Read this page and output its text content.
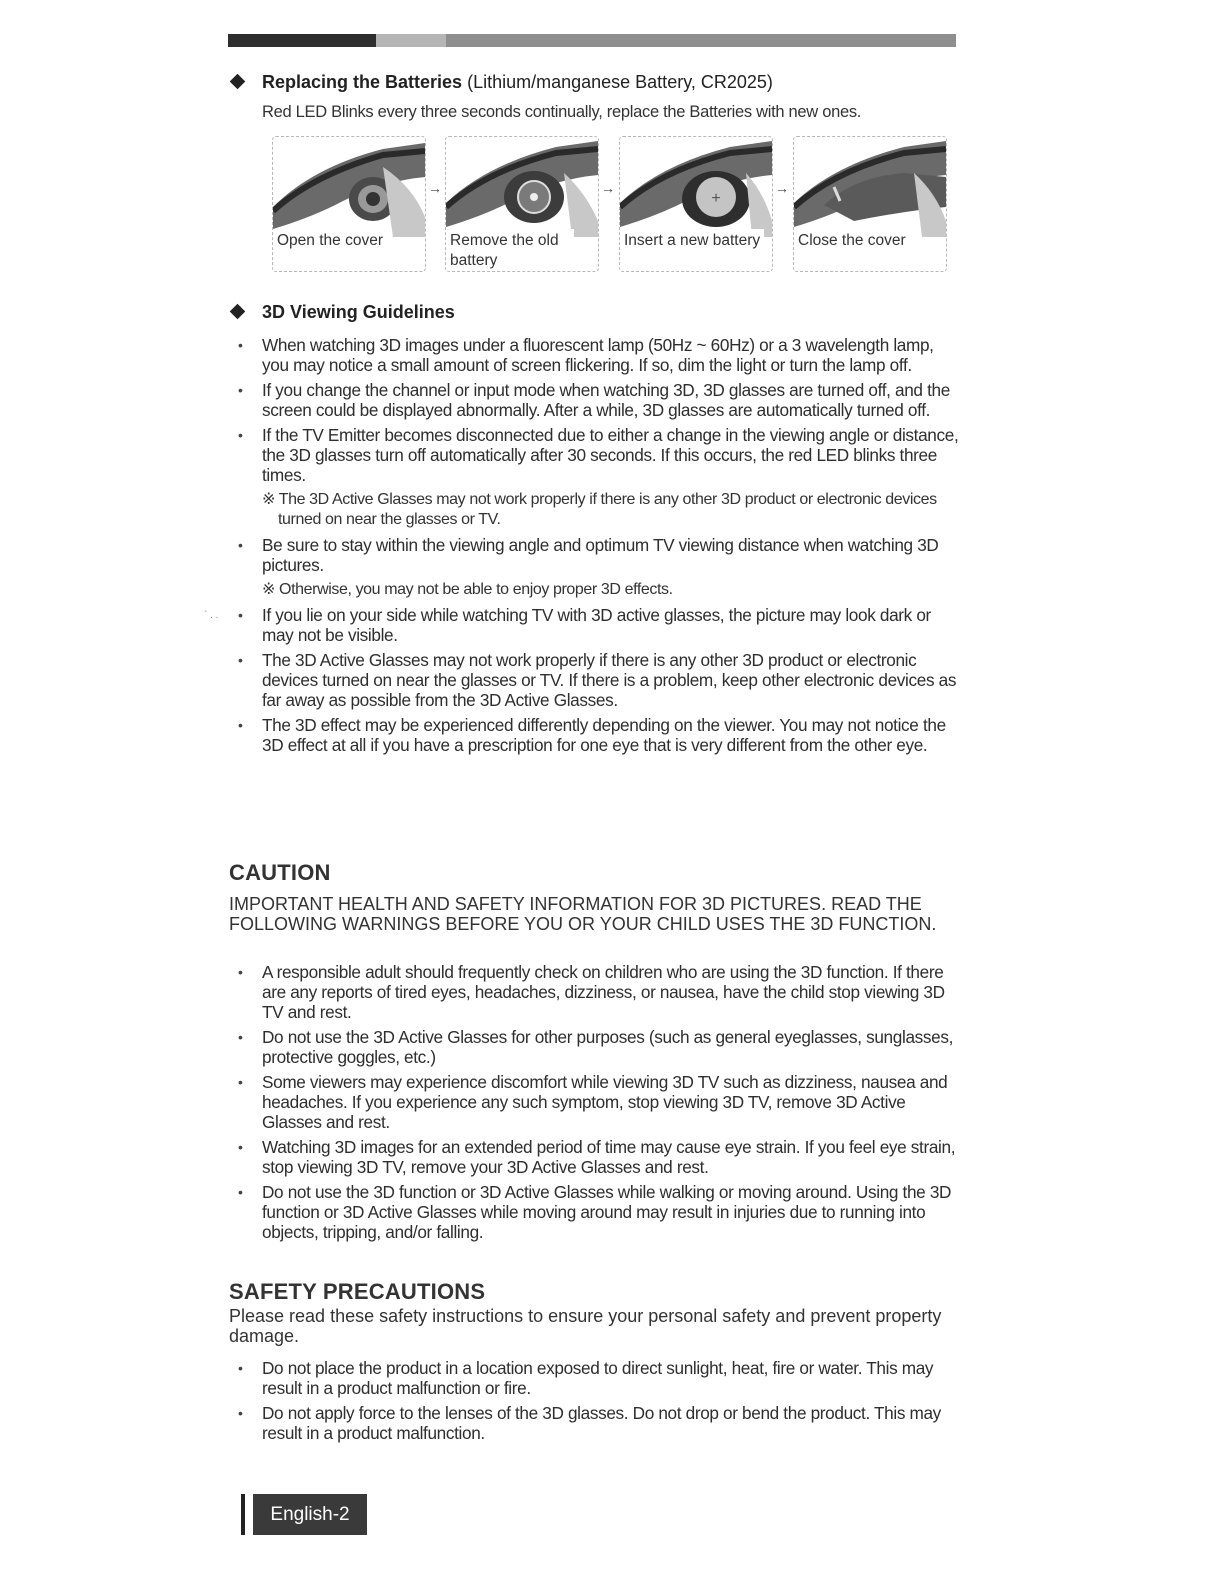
Replacing the Batteries (Lithium/manganese Battery, CR2025)
Red LED Blinks every three seconds continually, replace the Batteries with new ones.
Open the cover	Remove the old battery
+
Insert a new battery Close the cover
→	→	→
3D Viewing Guidelines
• When watching 3D images under a fluorescent lamp (50Hz ~ 60Hz) or a 3 wavelength lamp, you may notice a small amount of screen flickering. If so, dim the light or turn the lamp off.
• If you change the channel or input mode when watching 3D, 3D glasses are turned off, and the screen could be displayed abnormally. After a while, 3D glasses are automatically turned off.
• If the TV Emitter becomes disconnected due to either a change in the viewing angle or distance, the 3D glasses turn off automatically after 30 seconds. If this occurs, the red LED blinks three times.
※ The 3D Active Glasses may not work properly if there is any other 3D product or electronic devices turned on near the glasses or TV.
• Be sure to stay within the viewing angle and optimum TV viewing distance when watching 3D pictures.
※ Otherwise, you may not be able to enjoy proper 3D effects.
• If you lie on your side while watching TV with 3D active glasses, the picture may look dark or may not be visible.
• The 3D Active Glasses may not work properly if there is any other 3D product or electronic devices turned on near the glasses or TV. If there is a problem, keep other electronic devices as far away as possible from the 3D Active Glasses.
• The 3D effect may be experienced differently depending on the viewer. You may not notice the 3D effect at all if you have a prescription for one eye that is very different from the other eye.
` . .
CAUTION
IMPORTANT HEALTH AND SAFETY INFORMATION FOR 3D PICTURES. READ THE FOLLOWING WARNINGS BEFORE YOU OR YOUR CHILD USES THE 3D FUNCTION.
• A responsible adult should frequently check on children who are using the 3D function. If there are any reports of tired eyes, headaches, dizziness, or nausea, have the child stop viewing 3D TV and rest.
• Do not use the 3D Active Glasses for other purposes (such as general eyeglasses, sunglasses, protective goggles, etc.)
• Some viewers may experience discomfort while viewing 3D TV such as dizziness, nausea and headaches. If you experience any such symptom, stop viewing 3D TV, remove 3D Active Glasses and rest.
• Watching 3D images for an extended period of time may cause eye strain. If you feel eye strain, stop viewing 3D TV, remove your 3D Active Glasses and rest.
• Do not use the 3D function or 3D Active Glasses while walking or moving around. Using the 3D function or 3D Active Glasses while moving around may result in injuries due to running into objects, tripping, and/or falling.
SAFETY PRECAUTIONS
Please read these safety instructions to ensure your personal safety and prevent property damage.
• Do not place the product in a location exposed to direct sunlight, heat, fire or water. This may result in a product malfunction or fire.
• Do not apply force to the lenses of the 3D glasses. Do not drop or bend the product. This may result in a product malfunction.
English-2
